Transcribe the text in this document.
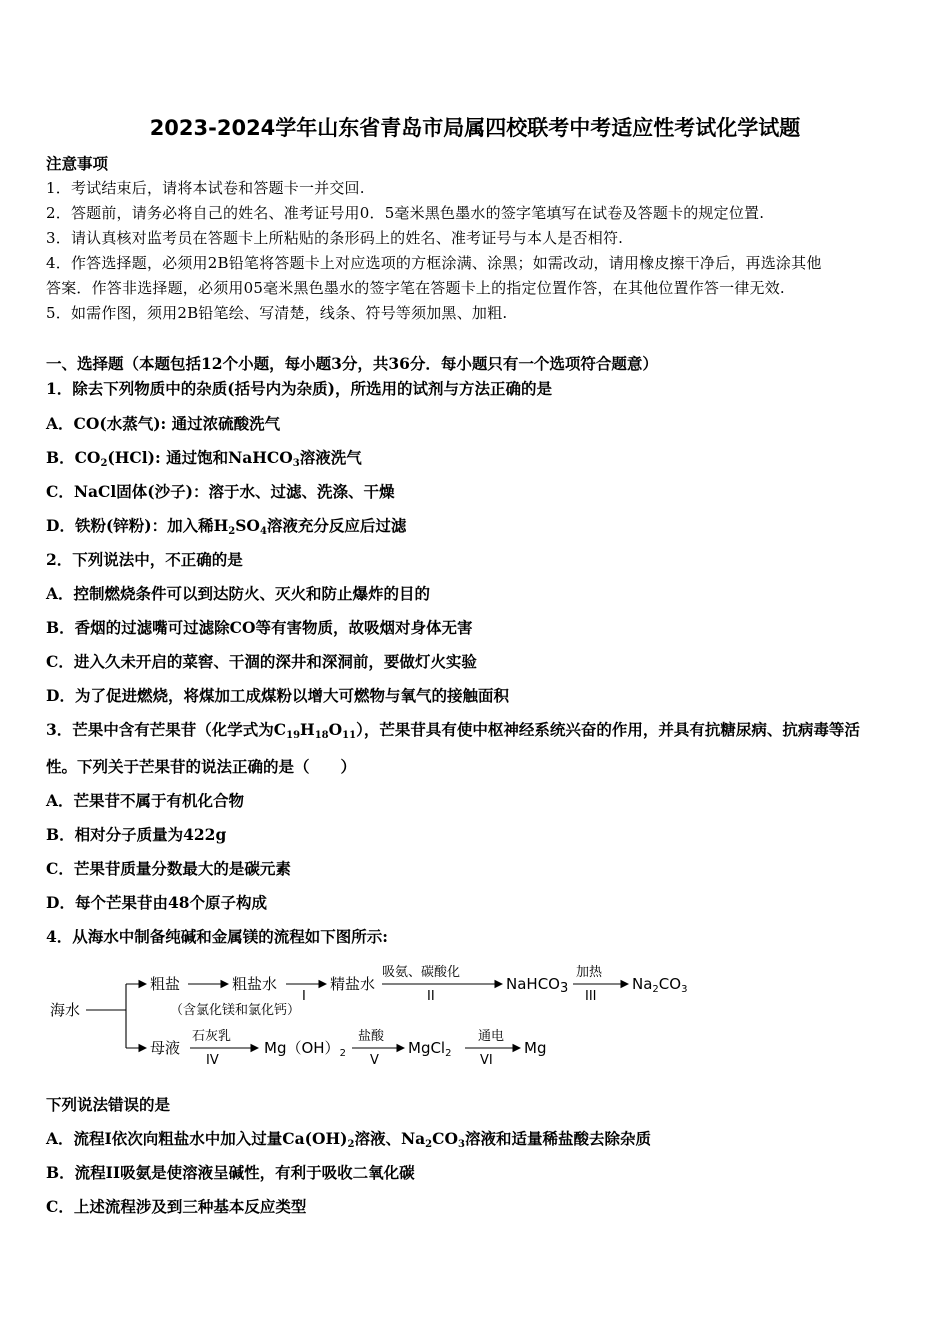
2023-2024学年山东省青岛市局属四校联考中考适应性考试化学试题
注意事项
1．考试结束后，请将本试卷和答题卡一并交回.
2．答题前，请务必将自己的姓名、准考证号用0．5毫米黑色墨水的签字笔填写在试卷及答题卡的规定位置.
3．请认真核对监考员在答题卡上所粘贴的条形码上的姓名、准考证号与本人是否相符.
4．作答选择题，必须用2B铅笔将答题卡上对应选项的方框涂满、涂黑；如需改动，请用橡皮擦干净后，再选涂其他
答案．作答非选择题，必须用05毫米黑色墨水的签字笔在答题卡上的指定位置作答，在其他位置作答一律无效.
5．如需作图，须用2B铅笔绘、写清楚，线条、符号等须加黑、加粗.
一、选择题（本题包括12个小题，每小题3分，共36分．每小题只有一个选项符合题意）
1．除去下列物质中的杂质(括号内为杂质)，所选用的试剂与方法正确的是
A．CO(水蒸气): 通过浓硫酸洗气
B．$CO_2(HCl)$: 通过饱和NaHCO$_3$溶液洗气
C．NaCl固体(沙子)：溶于水、过滤、洗涤、干燥
D．铁粉(锌粉)：加入稀$H_2SO_4$溶液充分反应后过滤
2．下列说法中，不正确的是
A．控制燃烧条件可以到达防火、灭火和防止爆炸的目的
B．香烟的过滤嘴可过滤除CO等有害物质，故吸烟对身体无害
C．进入久未开启的菜窖、干涸的深井和深洞前，要做灯火实验
D．为了促进燃烧，将煤加工成煤粉以增大可燃物与氧气的接触面积
3．芒果中含有芒果苷（化学式为$C_{19}H_{18}O_{11}$），芒果苷具有使中枢神经系统兴奋的作用，并具有抗糖尿病、抗病毒等活
性。下列关于芒果苷的说法正确的是（　　）
A．芒果苷不属于有机化合物
B．相对分子质量为422g
C．芒果苷质量分数最大的是碳元素
D．每个芒果苷由48个原子构成
4．从海水中制备纯碱和金属镁的流程如下图所示:
海水
粗盐	粗盐水
（含氯化镁和氯化钙）
I
精盐水
吸氨、碳酸化
II
NaHCO3
加热
III
$Na_2CO_3$
母液
石灰乳
IV
$Mg(OH)_2$
盐酸
V
MgCl$_2$
通电
VI
Mg
下列说法错误的是
A．流程I依次向粗盐水中加入过量$Ca(OH)_2$溶液、$Na_2CO_3$溶液和适量稀盐酸去除杂质
B．流程II吸氨是使溶液呈碱性，有利于吸收二氧化碳
C．上述流程涉及到三种基本反应类型
